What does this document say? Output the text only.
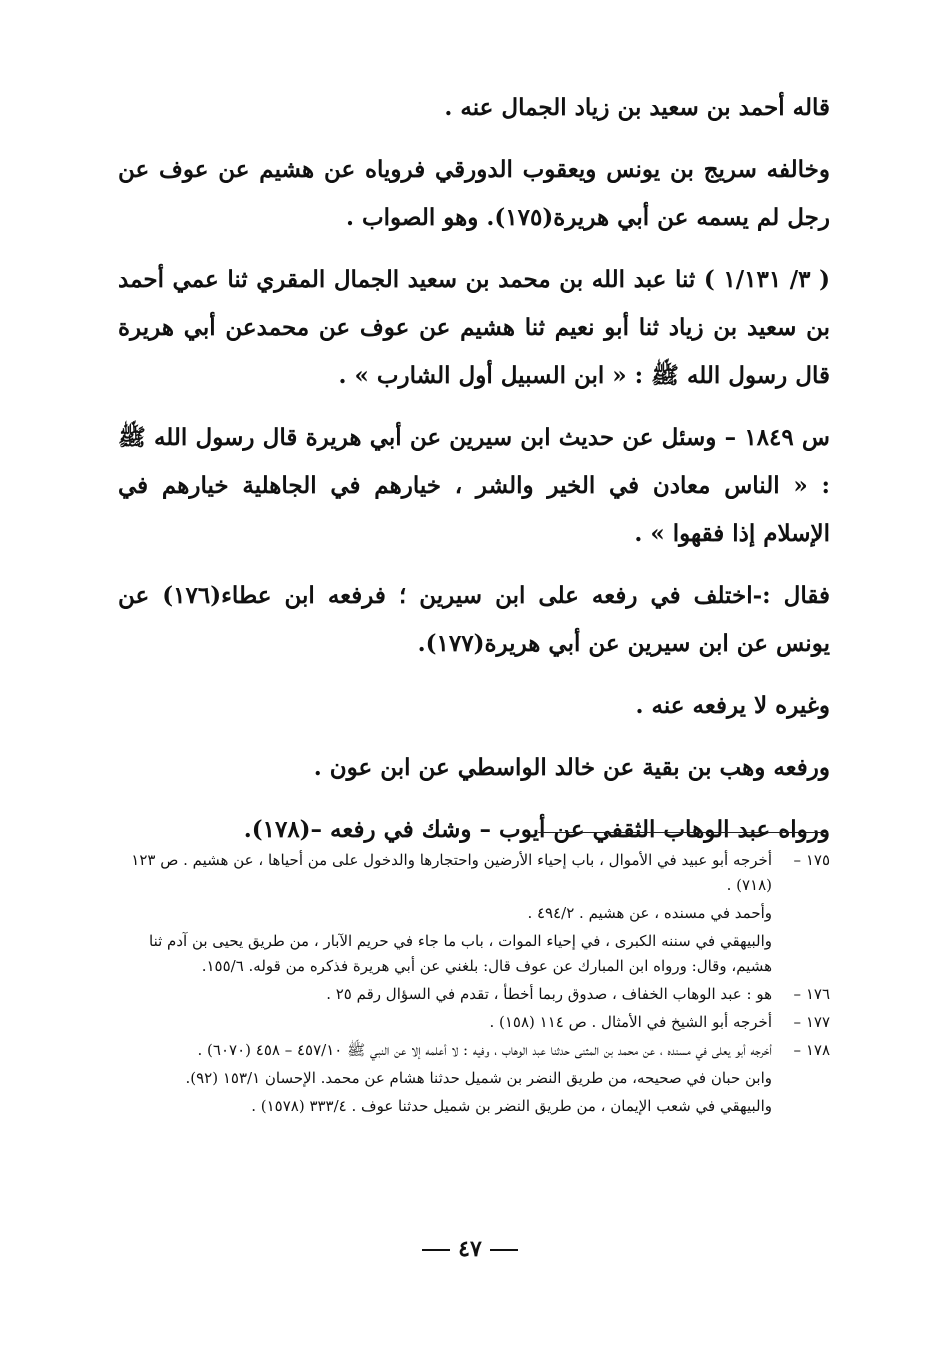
قاله أحمد بن سعيد بن زياد الجمال عنه .

وخالفه سريج بن يونس ويعقوب الدورقي فروياه عن هشيم عن عوف عن رجل لم يسمه عن أبي هريرة(١٧٥). وهو الصواب .

( ٣/ ١/١٣١ ) ثنا عبد الله بن محمد بن سعيد الجمال المقري ثنا عمي أحمد بن سعيد بن زياد ثنا أبو نعيم ثنا هشيم عن عوف عن محمدعن أبي هريرة قال رسول الله ﷺ : « ابن السبيل أول الشارب » .

س ١٨٤٩ – وسئل عن حديث ابن سيرين عن أبي هريرة قال رسول الله ﷺ : « الناس معادن في الخير والشر ، خيارهم في الجاهلية خيارهم في الإسلام إذا فقهوا » .

فقال :-اختلف في رفعه على ابن سيرين ؛ فرفعه ابن عطاء(١٧٦) عن يونس عن ابن سيرين عن أبي هريرة(١٧٧).

وغيره لا يرفعه عنه .

ورفعه وهب بن بقية عن خالد الواسطي عن ابن عون .

ورواه عبد الوهاب الثقفي عن أيوب – وشك في رفعه –(١٧٨).

١٧٥ –
أخرجه أبو عبيد في الأموال ، باب إحياء الأرضين واحتجارها والدخول على من أحياها ، عن هشيم . ص ١٢٣ (٧١٨) .
وأحمد في مسنده ، عن هشيم . ٤٩٤/٢ .
والبيهقي في سننه الكبرى ، في إحياء الموات ، باب ما جاء في حريم الآبار ، من طريق يحيى بن آدم ثنا هشيم، وقال: ورواه ابن المبارك عن عوف قال: بلغني عن أبي هريرة فذكره من قوله. ١٥٥/٦.
١٧٦ –
هو : عبد الوهاب الخفاف ، صدوق ربما أخطأ ، تقدم في السؤال رقم ٢٥ .
١٧٧ –
أخرجه أبو الشيخ في الأمثال . ص ١١٤ (١٥٨) .
١٧٨ –
أخرجه أبو يعلى في مسنده ، عن محمد بن المثنى حدثنا عبد الوهاب ، وفيه : لا أعلمه إلا عن النبي ﷺ ٤٥٧/١٠ – ٤٥٨ (٦٠٧٠) .
وابن حبان في صحيحه، من طريق النضر بن شميل حدثنا هشام عن محمد. الإحسان ١٥٣/١ (٩٢).
والبيهقي في شعب الإيمان ، من طريق النضر بن شميل حدثنا عوف . ٣٣٣/٤ (١٥٧٨) .
٤٧
